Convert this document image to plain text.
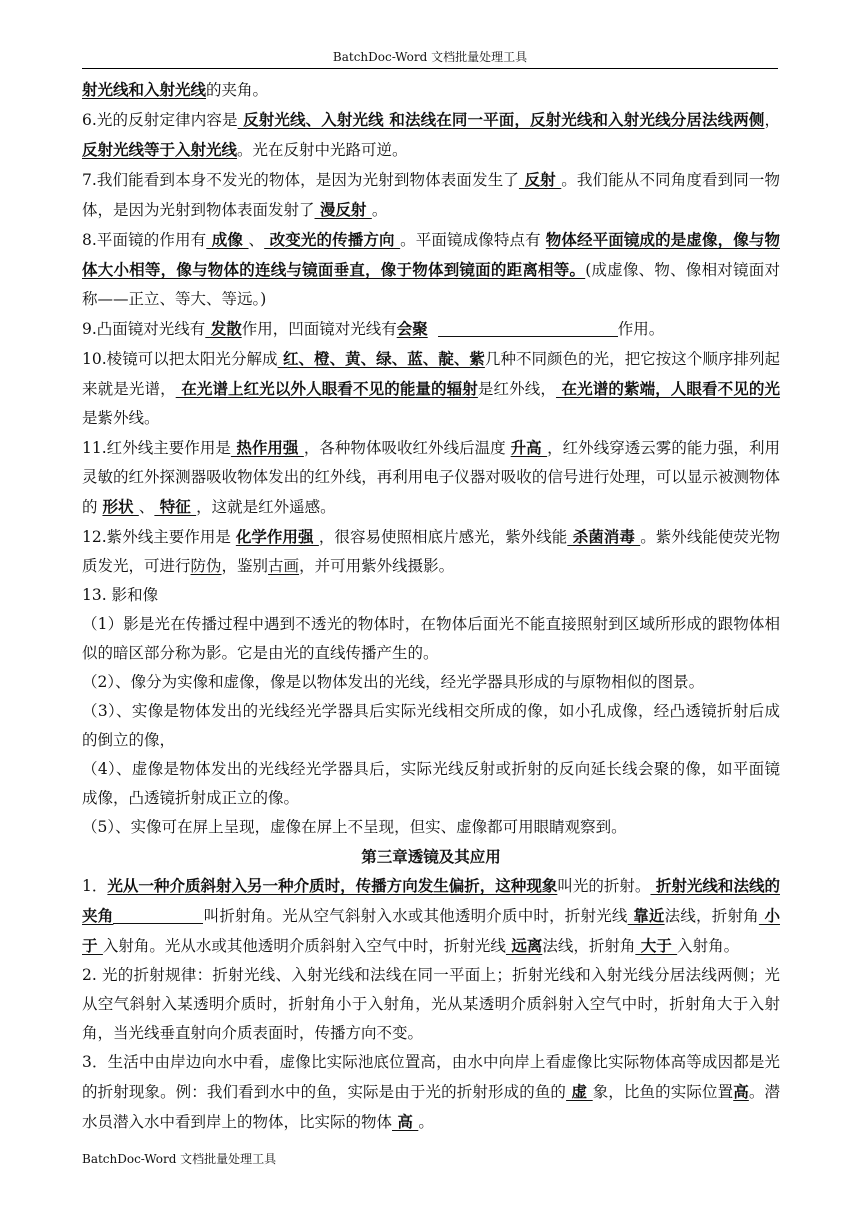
BatchDoc-Word 文档批量处理工具

射光线和入射光线的夹角。

6.光的反射定律内容是 反射光线、入射光线 和法线在同一平面，反射光线和入射光线分居法线两侧，反射光线等于入射光线。光在反射中光路可逆。

7.我们能看到本身不发光的物体，是因为光射到物体表面发生了 反射 。我们能从不同角度看到同一物体，是因为光射到物体表面发射了 漫反射 。

8.平面镜的作用有 成像 、 改变光的传播方向 。平面镜成像特点有 物体经平面镜成的是虚像，像与物体大小相等，像与物体的连线与镜面垂直，像于物体到镜面的距离相等。(成虚像、物、像相对镜面对称——正立、等大、等远。)

9.凸面镜对光线有 发散作用，凹面镜对光线有会聚	作用。

10.棱镜可以把太阳光分解成 红、橙、黄、绿、蓝、靛、紫几种不同颜色的光，把它按这个顺序排列起来就是光谱， 在光谱上红光以外人眼看不见的能量的辐射是红外线， 在光谱的紫端，人眼看不见的光 是紫外线。

11.红外线主要作用是 热作用强 ，各种物体吸收红外线后温度 升高 ，红外线穿透云雾的能力强，利用灵敏的红外探测器吸收物体发出的红外线，再利用电子仪器对吸收的信号进行处理，可以显示被测物体的 形状 、 特征 ，这就是红外遥感。

12.紫外线主要作用是 化学作用强 ，很容易使照相底片感光，紫外线能 杀菌消毒 。紫外线能使荧光物质发光，可进行防伪，鉴别古画，并可用紫外线摄影。

13. 影和像

（1）影是光在传播过程中遇到不透光的物体时，在物体后面光不能直接照射到区域所形成的跟物体相似的暗区部分称为影。它是由光的直线传播产生的。

（2）、像分为实像和虚像，像是以物体发出的光线，经光学器具形成的与原物相似的图景。

（3）、实像是物体发出的光线经光学器具后实际光线相交所成的像，如小孔成像，经凸透镜折射后成的倒立的像，

（4）、虚像是物体发出的光线经光学器具后，实际光线反射或折射的反向延长线会聚的像，如平面镜成像，凸透镜折射成正立的像。

（5）、实像可在屏上呈现，虚像在屏上不呈现，但实、虚像都可用眼睛观察到。

第三章透镜及其应用

1．光从一种介质斜射入另一种介质时，传播方向发生偏折，这种现象叫光的折射。 折射光线和法线的夹角	叫折射角。光从空气斜射入水或其他透明介质中时，折射光线 靠近法线，折射角 小于 入射角。光从水或其他透明介质斜射入空气中时，折射光线 远离法线，折射角 大于 入射角。

2. 光的折射规律：折射光线、入射光线和法线在同一平面上；折射光线和入射光线分居法线两侧；光从空气斜射入某透明介质时，折射角小于入射角，光从某透明介质斜射入空气中时，折射角大于入射角，当光线垂直射向介质表面时，传播方向不变。

3．生活中由岸边向水中看，虚像比实际池底位置高，由水中向岸上看虚像比实际物体高等成因都是光的折射现象。例：我们看到水中的鱼，实际是由于光的折射形成的鱼的 虚 象，比鱼的实际位置高。潜水员潜入水中看到岸上的物体，比实际的物体 高 。

BatchDoc-Word 文档批量处理工具
